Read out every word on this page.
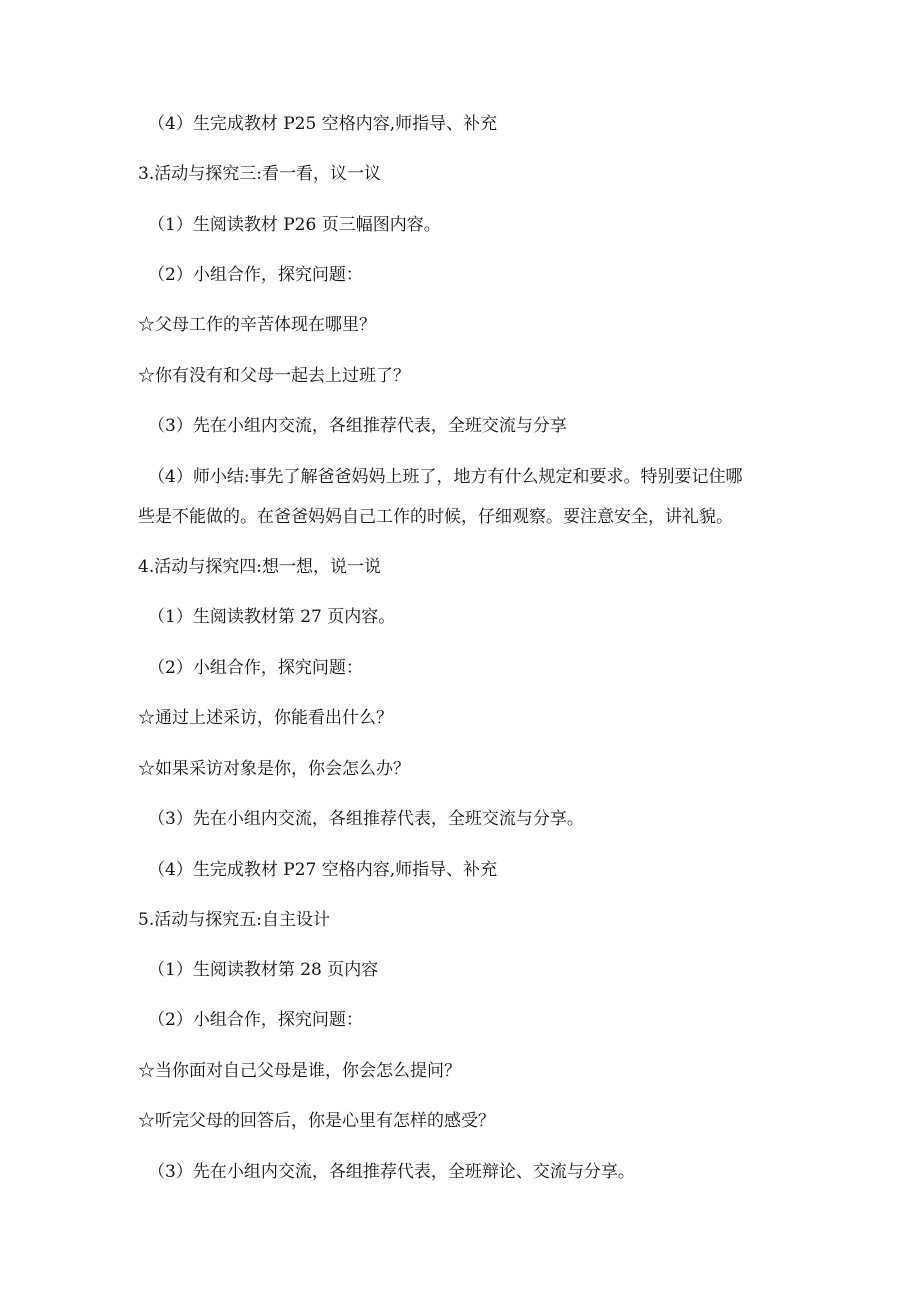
（4）生完成教材 P25 空格内容,师指导、补充
3.活动与探究三:看一看，议一议
（1）生阅读教材 P26 页三幅图内容。
（2）小组合作，探究问题：
☆父母工作的辛苦体现在哪里？
☆你有没有和父母一起去上过班了？
（3）先在小组内交流，各组推荐代表，全班交流与分享
（4）师小结:事先了解爸爸妈妈上班了，地方有什么规定和要求。特别要记住哪
些是不能做的。在爸爸妈妈自己工作的时候，仔细观察。要注意安全，讲礼貌。
4.活动与探究四:想一想，说一说
（1）生阅读教材第 27 页内容。
（2）小组合作，探究问题：
☆通过上述采访，你能看出什么？
☆如果采访对象是你，你会怎么办？
（3）先在小组内交流，各组推荐代表，全班交流与分享。
（4）生完成教材 P27 空格内容,师指导、补充
5.活动与探究五:自主设计
（1）生阅读教材第 28 页内容
（2）小组合作，探究问题：
☆当你面对自己父母是谁，你会怎么提问？
☆听完父母的回答后，你是心里有怎样的感受？
（3）先在小组内交流，各组推荐代表，全班辩论、交流与分享。
